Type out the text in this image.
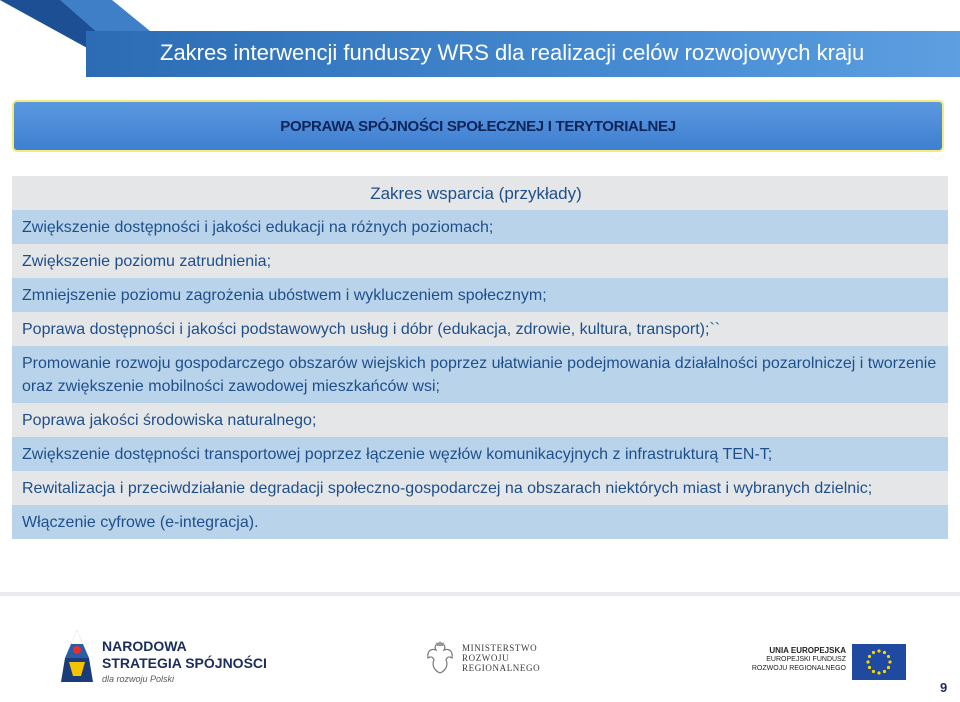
Zakres interwencji funduszy WRS dla realizacji celów rozwojowych kraju
POPRAWA SPÓJNOŚCI SPOŁECZNEJ I TERYTORIALNEJ
Zakres wsparcia (przykłady)
Zwiększenie dostępności i jakości edukacji na różnych poziomach;
Zwiększenie poziomu zatrudnienia;
Zmniejszenie poziomu zagrożenia ubóstwem i wykluczeniem społecznym;
Poprawa dostępności i jakości podstawowych usług i dóbr (edukacja, zdrowie, kultura, transport);``
Promowanie rozwoju gospodarczego obszarów wiejskich poprzez ułatwianie podejmowania działalności pozarolniczej i tworzenie oraz zwiększenie mobilności zawodowej mieszkańców wsi;
Poprawa jakości środowiska naturalnego;
Zwiększenie dostępności transportowej poprzez łączenie węzłów komunikacyjnych z infrastrukturą TEN-T;
Rewitalizacja i przeciwdziałanie degradacji społeczno-gospodarczej na obszarach niektórych miast i wybranych dzielnic;
Włączenie cyfrowe (e-integracja).
NARODOWA
STRATEGIA SPÓJNOŚCI
dla rozwoju Polski
MINISTERSTWO
ROZWOJU
REGIONALNEGO
UNIA EUROPEJSKA
EUROPEJSKI FUNDUSZ
ROZWOJU REGIONALNEGO
9
